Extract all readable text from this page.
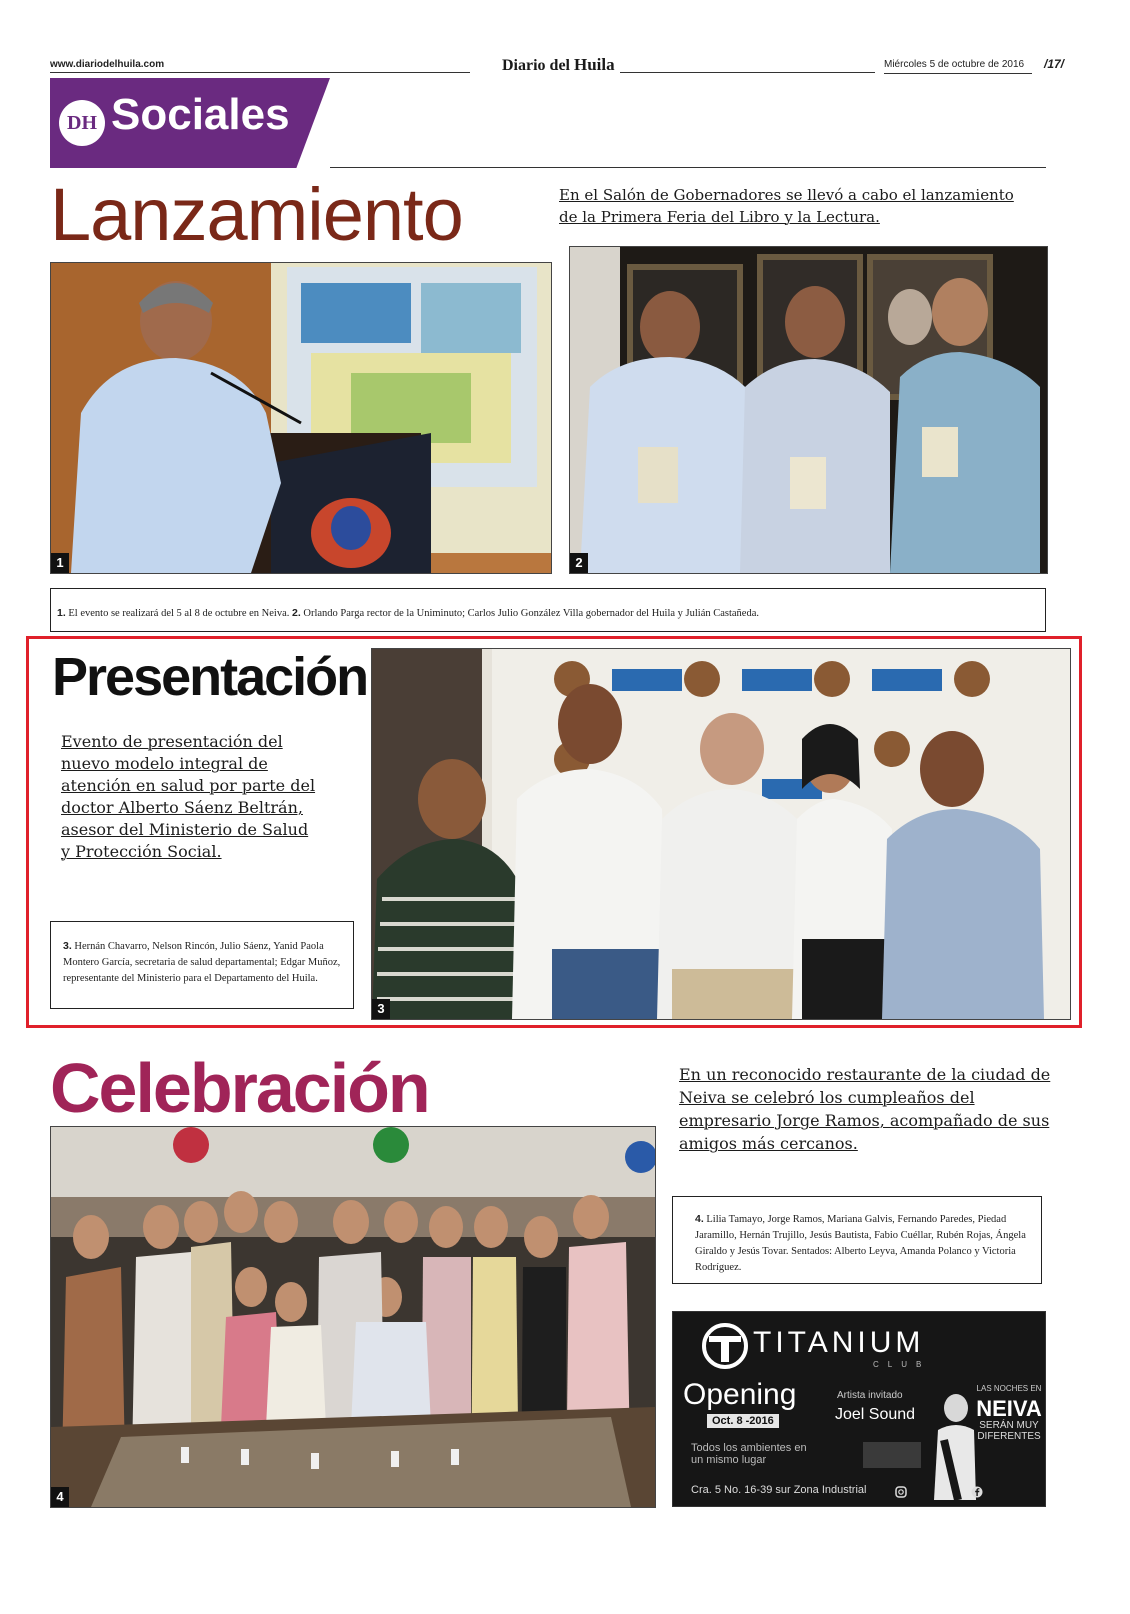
www.diariodelhuila.com	Diario del Huila	Miércoles 5 de octubre de 2016 /17/
DH Sociales
Lanzamiento	En el Salón de Gobernadores se llevó a cabo el lanzamiento de la Primera Feria del Libro y la Lectura.
1	2
1. El evento se realizará del 5 al 8 de octubre en Neiva. 2. Orlando Parga rector de la Uniminuto; Carlos Julio González Villa gobernador del Huila y Julián Castañeda.
Presentación
Evento de presentación del nuevo modelo integral de atención en salud por parte del doctor Alberto Sáenz Beltrán, asesor del Ministerio de Salud y Protección Social.
3
3. Hernán Chavarro, Nelson Rincón, Julio Sáenz, Yanid Paola Montero García, secretaria de salud departamental; Edgar Muñoz, representante del Ministerio para el Departamento del Huila.
Celebración	En un reconocido restaurante de la ciudad de Neiva se celebró los cumpleaños del empresario Jorge Ramos, acompañado de sus amigos más cercanos.
4
4. Lilia Tamayo, Jorge Ramos, Mariana Galvis, Fernando Paredes, Piedad Jaramillo, Hernán Trujillo, Jesús Bautista, Fabio Cuéllar, Rubén Rojas, Ángela Giraldo y Jesús Tovar. Sentados: Alberto Leyva, Amanda Polanco y Victoria Rodríguez.
TITANIUM
CLUB
Opening
Oct. 8 -2016
Artista invitado
Joel Sound
LAS NOCHES EN
NEIVA
SERÁN MUY DIFERENTES
Todos los ambientes en un mismo lugar
Cra. 5 No. 16-39 sur Zona Industrial
